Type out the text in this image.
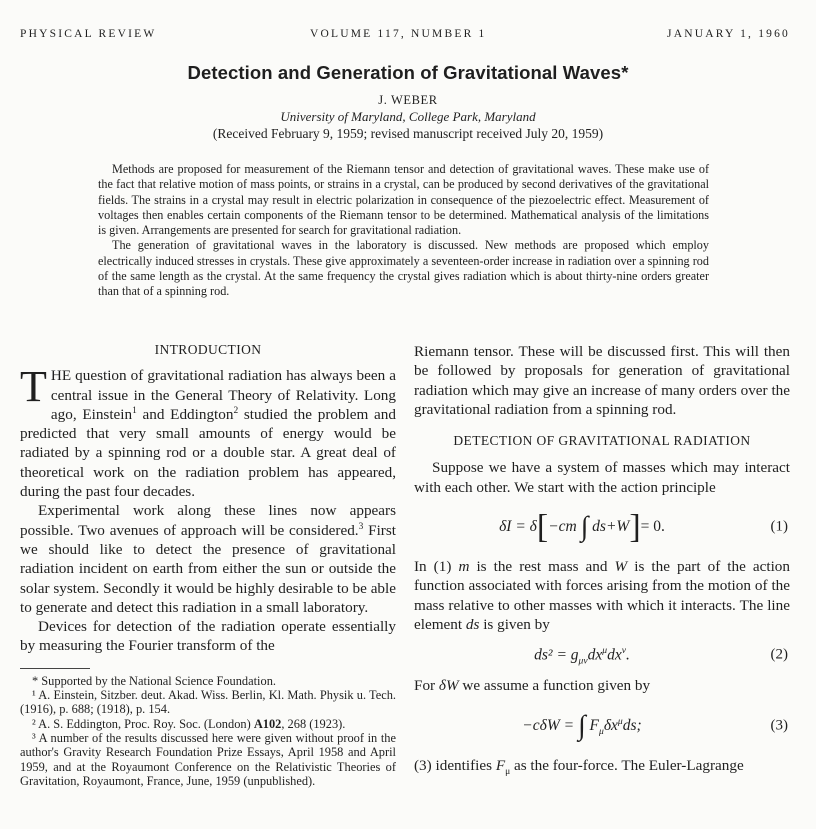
PHYSICAL REVIEW	VOLUME 117, NUMBER 1	JANUARY 1, 1960
Detection and Generation of Gravitational Waves*
J. WEBER
University of Maryland, College Park, Maryland
(Received February 9, 1959; revised manuscript received July 20, 1959)

Methods are proposed for measurement of the Riemann tensor and detection of gravitational waves. These make use of the fact that relative motion of mass points, or strains in a crystal, can be produced by second derivatives of the gravitational fields. The strains in a crystal may result in electric polarization in consequence of the piezoelectric effect. Measurement of voltages then enables certain components of the Riemann tensor to be determined. Mathematical analysis of the limitations is given. Arrangements are presented for search for gravitational radiation.

The generation of gravitational waves in the laboratory is discussed. New methods are proposed which employ electrically induced stresses in crystals. These give approximately a seventeen-order increase in radiation over a spinning rod of the same length as the crystal. At the same frequency the crystal gives radiation which is about thirty-nine orders greater than that of a spinning rod.

INTRODUCTION

THE question of gravitational radiation has always been a central issue in the General Theory of Relativity. Long ago, Einstein$^1$ and Eddington$^2$ studied the problem and predicted that very small amounts of energy would be radiated by a spinning rod or a double star. A great deal of theoretical work on the radiation problem has appeared, during the past four decades.

Experimental work along these lines now appears possible. Two avenues of approach will be considered.$^3$ First we should like to detect the presence of gravitational radiation incident on earth from either the sun or outside the solar system. Secondly it would be highly desirable to be able to generate and detect this radiation in a small laboratory.

Devices for detection of the radiation operate essentially by measuring the Fourier transform of the

* Supported by the National Science Foundation.

¹ A. Einstein, Sitzber. deut. Akad. Wiss. Berlin, Kl. Math. Physik u. Tech. (1916), p. 688; (1918), p. 154.

² A. S. Eddington, Proc. Roy. Soc. (London) A102, 268 (1923).

³ A number of the results discussed here were given without proof in the author's Gravity Research Foundation Prize Essays, April 1958 and April 1959, and at the Royaumont Conference on the Relativistic Theories of Gravitation, Royaumont, France, June, 1959 (unpublished).

Riemann tensor. These will be discussed first. This will then be followed by proposals for generation of gravitational radiation which may give an increase of many orders over the gravitational radiation from a spinning rod.

DETECTION OF GRAVITATIONAL RADIATION

Suppose we have a system of masses which may interact with each other. We start with the action principle

δI = δ[−cm ∫ ds+W]= 0.	(1)

In (1) m is the rest mass and W is the part of the action function associated with forces arising from the motion of the mass relative to other masses with which it interacts. The line element ds is given by

$ds^2 = g_{\mu\nu}dx^\mu dx^\nu$.	(2)

For δW we assume a function given by

−cδW = ∫ $F_\mu\delta x^\mu ds$;	(3)

(3) identifies $F_\mu$ as the four-force. The Euler-Lagrange
